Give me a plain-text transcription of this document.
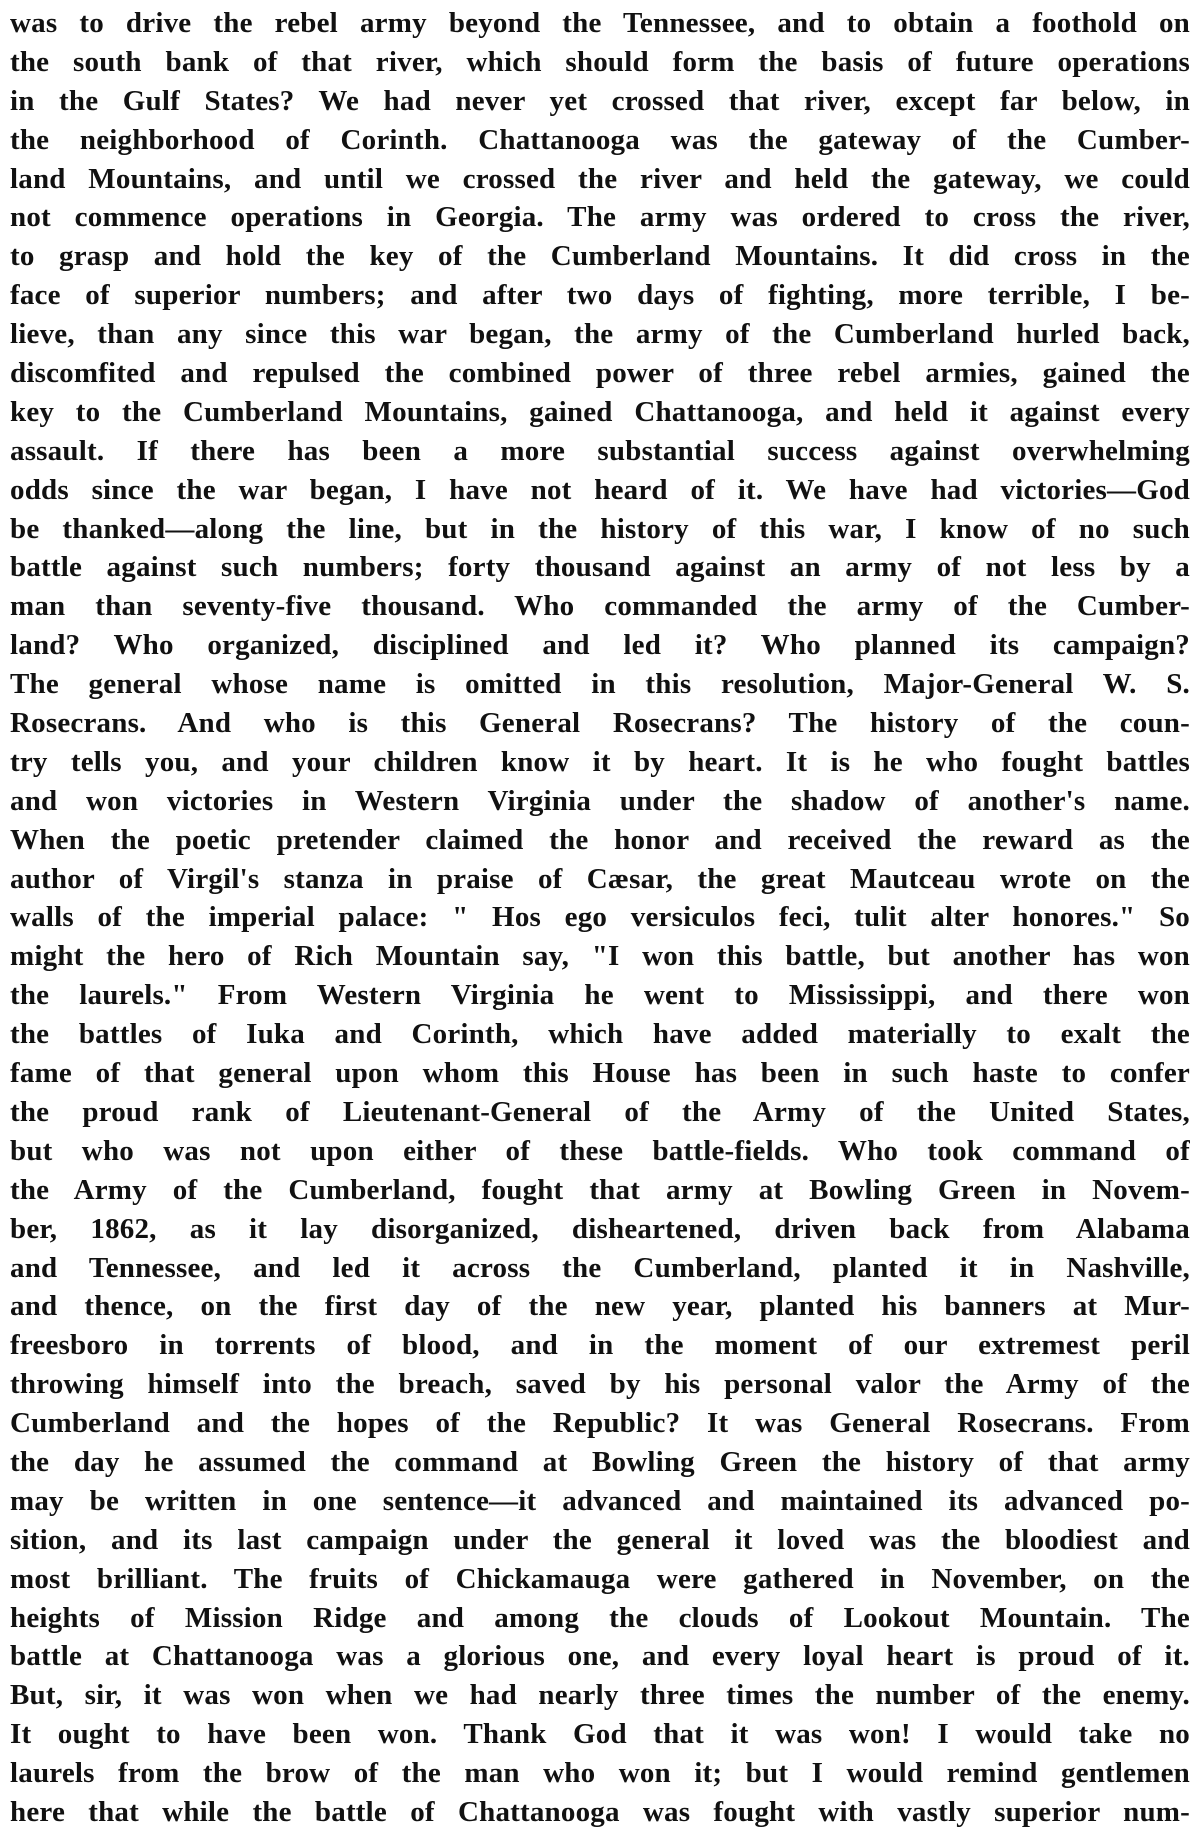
was to drive the rebel army beyond the Tennessee, and to obtain a foothold on
the south bank of that river, which should form the basis of future operations
in the Gulf States? We had never yet crossed that river, except far below, in
the neighborhood of Corinth. Chattanooga was the gateway of the Cumber-
land Mountains, and until we crossed the river and held the gateway, we could
not commence operations in Georgia. The army was ordered to cross the river,
to grasp and hold the key of the Cumberland Mountains. It did cross in the
face of superior numbers; and after two days of fighting, more terrible, I be-
lieve, than any since this war began, the army of the Cumberland hurled back,
discomfited and repulsed the combined power of three rebel armies, gained the
key to the Cumberland Mountains, gained Chattanooga, and held it against every
assault. If there has been a more substantial success against overwhelming
odds since the war began, I have not heard of it. We have had victories—God
be thanked—along the line, but in the history of this war, I know of no such
battle against such numbers; forty thousand against an army of not less by a
man than seventy-five thousand. Who commanded the army of the Cumber-
land? Who organized, disciplined and led it? Who planned its campaign?
The general whose name is omitted in this resolution, Major-General W. S.
Rosecrans. And who is this General Rosecrans? The history of the coun-
try tells you, and your children know it by heart. It is he who fought battles
and won victories in Western Virginia under the shadow of another's name.
When the poetic pretender claimed the honor and received the reward as the
author of Virgil's stanza in praise of Cæsar, the great Mautceau wrote on the
walls of the imperial palace: " Hos ego versiculos feci, tulit alter honores." So
might the hero of Rich Mountain say, "I won this battle, but another has won
the laurels." From Western Virginia he went to Mississippi, and there won
the battles of Iuka and Corinth, which have added materially to exalt the
fame of that general upon whom this House has been in such haste to confer
the proud rank of Lieutenant-General of the Army of the United States,
but who was not upon either of these battle-fields. Who took command of
the Army of the Cumberland, fought that army at Bowling Green in Novem-
ber, 1862, as it lay disorganized, disheartened, driven back from Alabama
and Tennessee, and led it across the Cumberland, planted it in Nashville,
and thence, on the first day of the new year, planted his banners at Mur-
freesboro in torrents of blood, and in the moment of our extremest peril
throwing himself into the breach, saved by his personal valor the Army of the
Cumberland and the hopes of the Republic? It was General Rosecrans. From
the day he assumed the command at Bowling Green the history of that army
may be written in one sentence—it advanced and maintained its advanced po-
sition, and its last campaign under the general it loved was the bloodiest and
most brilliant. The fruits of Chickamauga were gathered in November, on the
heights of Mission Ridge and among the clouds of Lookout Mountain. The
battle at Chattanooga was a glorious one, and every loyal heart is proud of it.
But, sir, it was won when we had nearly three times the number of the enemy.
It ought to have been won. Thank God that it was won! I would take no
laurels from the brow of the man who won it; but I would remind gentlemen
here that while the battle of Chattanooga was fought with vastly superior num-
